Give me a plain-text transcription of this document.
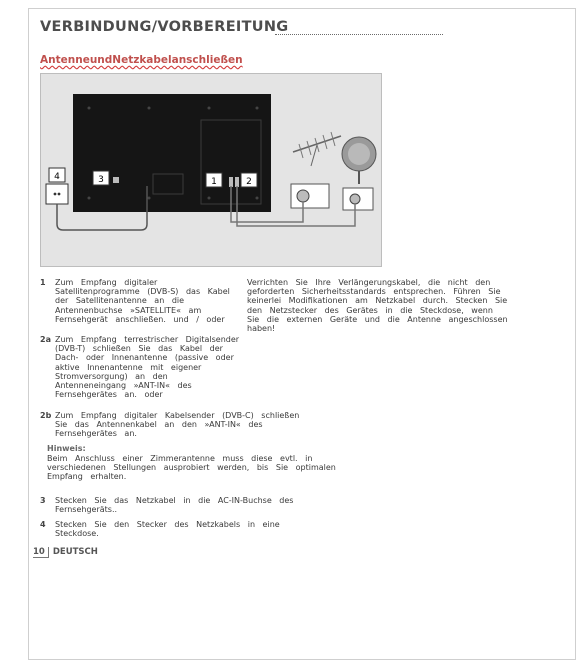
VERBINDUNG/VORBEREITUNG
AntenneundNetzkabelanschließen
3	1	2
4
1 Zum Empfang digitaler Satellitenprogramme (DVB-S) das Kabel der Satellitenantenne an die Antennenbuchse »SATELLITE« am Fernsehgerät anschließen. und / oder
Verrichten Sie Ihre Verlängerungskabel, die nicht den geforderten Sicherheitsstandards entsprechen. Führen Sie keinerlei Modifikationen am Netzkabel durch. Stecken Sie den Netzstecker des Gerätes in die Steckdose, wenn Sie die externen Geräte und die Antenne angeschlossen haben!
2a Zum Empfang terrestrischer Digitalsender (DVB-T) schließen Sie das Kabel der Dach- oder Innenantenne (passive oder aktive Innenantenne mit eigener Stromversorgung) an den Antenneneingang »ANT-IN« des Fernsehgerätes an. oder
2b Zum Empfang digitaler Kabelsender (DVB-C) schließen Sie das Antennenkabel an den »ANT-IN« des Fernsehgerätes an.
Hinweis:
Beim Anschluss einer Zimmerantenne muss diese evtl. in verschiedenen Stellungen ausprobiert werden, bis Sie optimalen Empfang erhalten.
3 Stecken Sie das Netzkabel in die AC-IN-Buchse des Fernsehgeräts..
4 Stecken Sie den Stecker des Netzkabels in eine Steckdose.
10 DEUTSCH
